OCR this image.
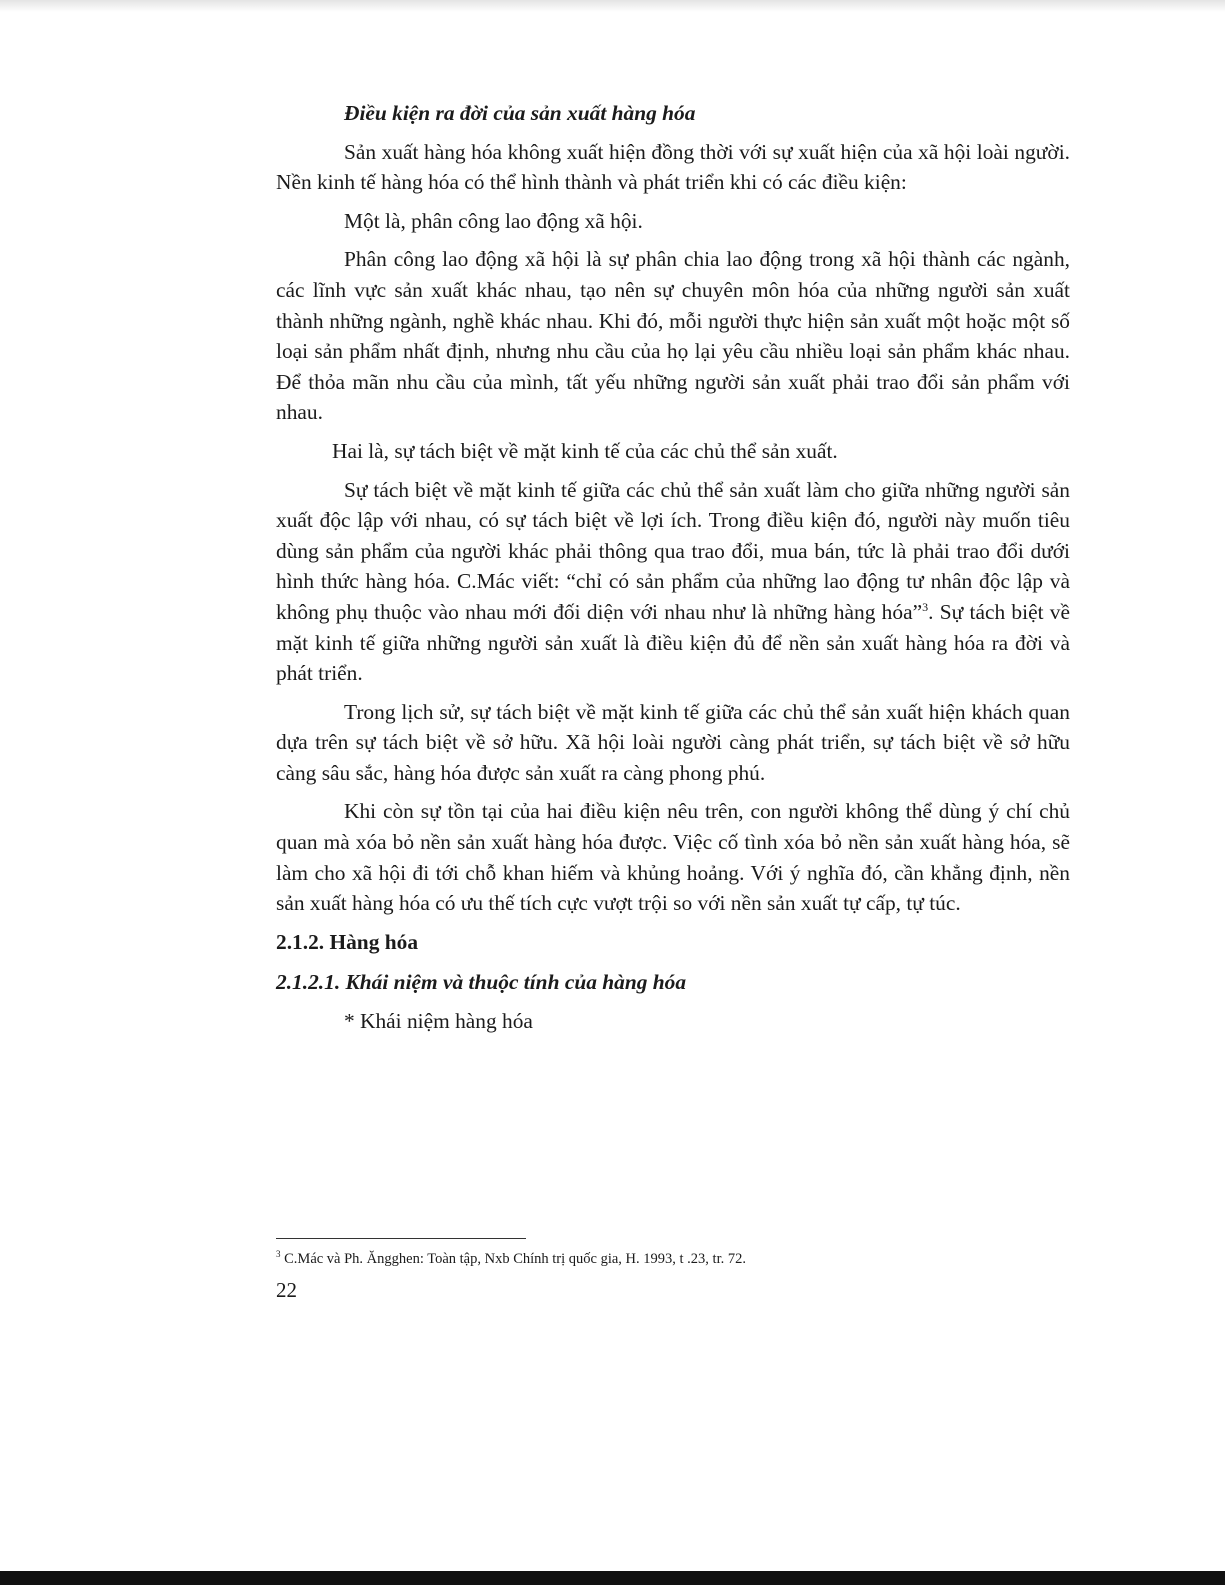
Điều kiện ra đời của sản xuất hàng hóa

Sản xuất hàng hóa không xuất hiện đồng thời với sự xuất hiện của xã hội loài người. Nền kinh tế hàng hóa có thể hình thành và phát triển khi có các điều kiện:

Một là, phân công lao động xã hội.

Phân công lao động xã hội là sự phân chia lao động trong xã hội thành các ngành, các lĩnh vực sản xuất khác nhau, tạo nên sự chuyên môn hóa của những người sản xuất thành những ngành, nghề khác nhau. Khi đó, mỗi người thực hiện sản xuất một hoặc một số loại sản phẩm nhất định, nhưng nhu cầu của họ lại yêu cầu nhiều loại sản phẩm khác nhau. Để thỏa mãn nhu cầu của mình, tất yếu những người sản xuất phải trao đổi sản phẩm với nhau.

Hai là, sự tách biệt về mặt kinh tế của các chủ thể sản xuất.

Sự tách biệt về mặt kinh tế giữa các chủ thể sản xuất làm cho giữa những người sản xuất độc lập với nhau, có sự tách biệt về lợi ích. Trong điều kiện đó, người này muốn tiêu dùng sản phẩm của người khác phải thông qua trao đổi, mua bán, tức là phải trao đổi dưới hình thức hàng hóa. C.Mác viết: “chỉ có sản phẩm của những lao động tư nhân độc lập và không phụ thuộc vào nhau mới đối diện với nhau như là những hàng hóa”$^3$. Sự tách biệt về mặt kinh tế giữa những người sản xuất là điều kiện đủ để nền sản xuất hàng hóa ra đời và phát triển.

Trong lịch sử, sự tách biệt về mặt kinh tế giữa các chủ thể sản xuất hiện khách quan dựa trên sự tách biệt về sở hữu. Xã hội loài người càng phát triển, sự tách biệt về sở hữu càng sâu sắc, hàng hóa được sản xuất ra càng phong phú.

Khi còn sự tồn tại của hai điều kiện nêu trên, con người không thể dùng ý chí chủ quan mà xóa bỏ nền sản xuất hàng hóa được. Việc cố tình xóa bỏ nền sản xuất hàng hóa, sẽ làm cho xã hội đi tới chỗ khan hiếm và khủng hoảng. Với ý nghĩa đó, cần khẳng định, nền sản xuất hàng hóa có ưu thế tích cực vượt trội so với nền sản xuất tự cấp, tự túc.

2.1.2. Hàng hóa

2.1.2.1. Khái niệm và thuộc tính của hàng hóa

* Khái niệm hàng hóa

$^3$ C.Mác và Ph. Ăngghen: Toàn tập, Nxb Chính trị quốc gia, H. 1993, t .23, tr. 72.
22
